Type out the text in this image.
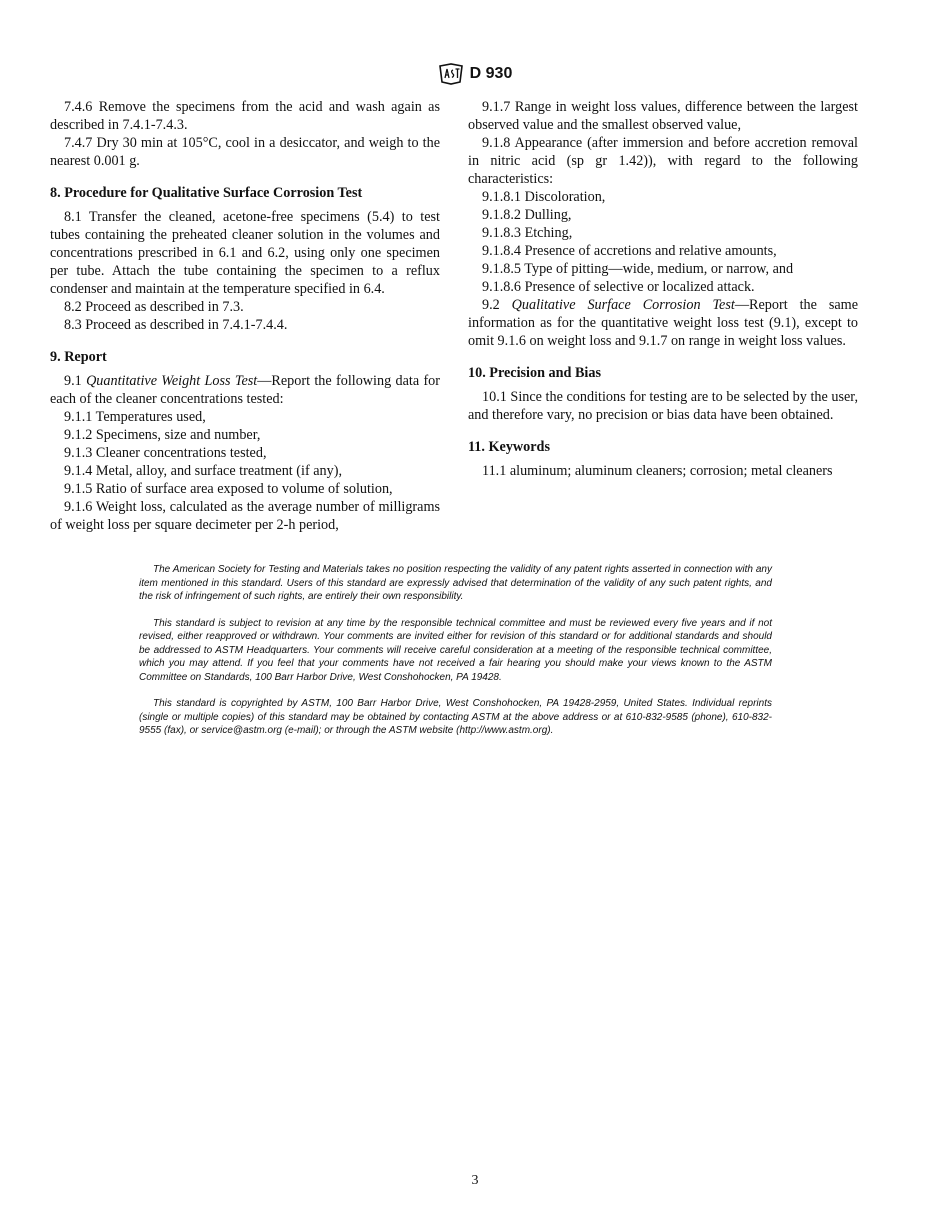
D 930

7.4.6 Remove the specimens from the acid and wash again as described in 7.4.1-7.4.3.

7.4.7 Dry 30 min at 105°C, cool in a desiccator, and weigh to the nearest 0.001 g.

8. Procedure for Qualitative Surface Corrosion Test

8.1 Transfer the cleaned, acetone-free specimens (5.4) to test tubes containing the preheated cleaner solution in the volumes and concentrations prescribed in 6.1 and 6.2, using only one specimen per tube. Attach the tube containing the specimen to a reflux condenser and maintain at the temperature specified in 6.4.

8.2 Proceed as described in 7.3.

8.3 Proceed as described in 7.4.1-7.4.4.

9. Report

9.1 Quantitative Weight Loss Test—Report the following data for each of the cleaner concentrations tested:

9.1.1 Temperatures used,

9.1.2 Specimens, size and number,

9.1.3 Cleaner concentrations tested,

9.1.4 Metal, alloy, and surface treatment (if any),

9.1.5 Ratio of surface area exposed to volume of solution,

9.1.6 Weight loss, calculated as the average number of milligrams of weight loss per square decimeter per 2-h period,

9.1.7 Range in weight loss values, difference between the largest observed value and the smallest observed value,

9.1.8 Appearance (after immersion and before accretion removal in nitric acid (sp gr 1.42)), with regard to the following characteristics:

9.1.8.1 Discoloration,

9.1.8.2 Dulling,

9.1.8.3 Etching,

9.1.8.4 Presence of accretions and relative amounts,

9.1.8.5 Type of pitting—wide, medium, or narrow, and

9.1.8.6 Presence of selective or localized attack.

9.2 Qualitative Surface Corrosion Test—Report the same information as for the quantitative weight loss test (9.1), except to omit 9.1.6 on weight loss and 9.1.7 on range in weight loss values.

10. Precision and Bias

10.1 Since the conditions for testing are to be selected by the user, and therefore vary, no precision or bias data have been obtained.

11. Keywords

11.1 aluminum; aluminum cleaners; corrosion; metal cleaners

The American Society for Testing and Materials takes no position respecting the validity of any patent rights asserted in connection with any item mentioned in this standard. Users of this standard are expressly advised that determination of the validity of any such patent rights, and the risk of infringement of such rights, are entirely their own responsibility.

This standard is subject to revision at any time by the responsible technical committee and must be reviewed every five years and if not revised, either reapproved or withdrawn. Your comments are invited either for revision of this standard or for additional standards and should be addressed to ASTM Headquarters. Your comments will receive careful consideration at a meeting of the responsible technical committee, which you may attend. If you feel that your comments have not received a fair hearing you should make your views known to the ASTM Committee on Standards, 100 Barr Harbor Drive, West Conshohocken, PA 19428.

This standard is copyrighted by ASTM, 100 Barr Harbor Drive, West Conshohocken, PA 19428-2959, United States. Individual reprints (single or multiple copies) of this standard may be obtained by contacting ASTM at the above address or at 610-832-9585 (phone), 610-832-9555 (fax), or service@astm.org (e-mail); or through the ASTM website (http://www.astm.org).

3
